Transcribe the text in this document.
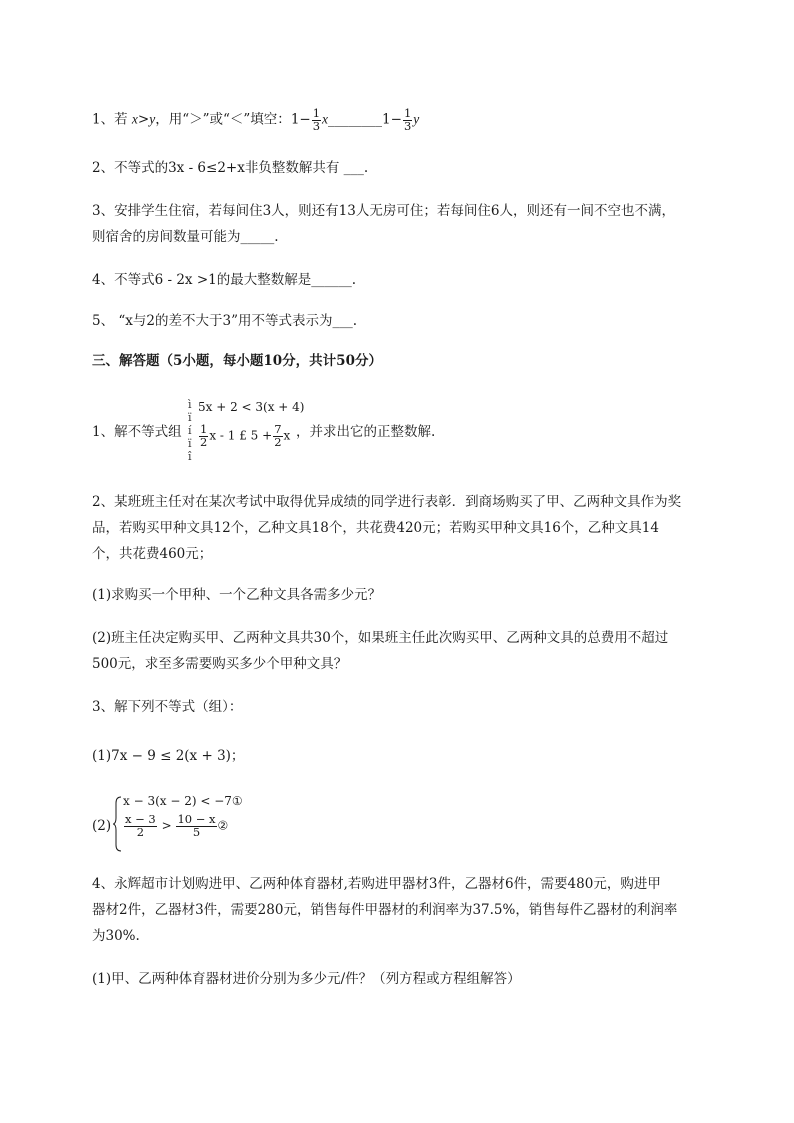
1、若 x>y，用“＞”或“＜”填空：$1- \frac{1}{3}$ x________1− $\frac{1}{3}$ y
2、不等式的3x - 6≤2+x非负整数解共有 ___.
3、安排学生住宿，若每间住3人，则还有13人无房可住；若每间住6人，则还有一间不空也不满，
则宿舍的房间数量可能为_____.
4、不等式6 - 2x >1的最大整数解是______.
5、 “x与2的差不大于3”用不等式表示为___.
三、解答题（5小题，每小题10分，共计50分）
1、解不等式组
ì
ï
í
ï
î
5x + 2 < 3(x + 4)
$\frac{1}{2}$ x - 1 £ $5 + \frac{7}{2}$ x ，并求出它的正整数解.
2、某班班主任对在某次考试中取得优异成绩的同学进行表彰．到商场购买了甲、乙两种文具作为奖
品，若购买甲种文具12个，乙种文具18个，共花费420元；若购买甲种文具16个，乙种文具14
个，共花费460元；
(1)求购买一个甲种、一个乙种文具各需多少元？
(2)班主任决定购买甲、乙两种文具共30个，如果班主任此次购买甲、乙两种文具的总费用不超过
500元，求至多需要购买多少个甲种文具？
3、解下列不等式（组）：
(1)7x − 9 ≤ 2(x + 3)；
(2)
x − 3(x − 2) < −7①
$\frac{x - 3}{2} > \frac{10 - x}{5}$ ②
4、永辉超市计划购进甲、乙两种体育器材,若购进甲器材3件，乙器材6件，需要480元，购进甲
器材2件，乙器材3件，需要280元，销售每件甲器材的利润率为37.5%，销售每件乙器材的利润率
为30%.
(1)甲、乙两种体育器材进价分别为多少元/件？（列方程或方程组解答）
